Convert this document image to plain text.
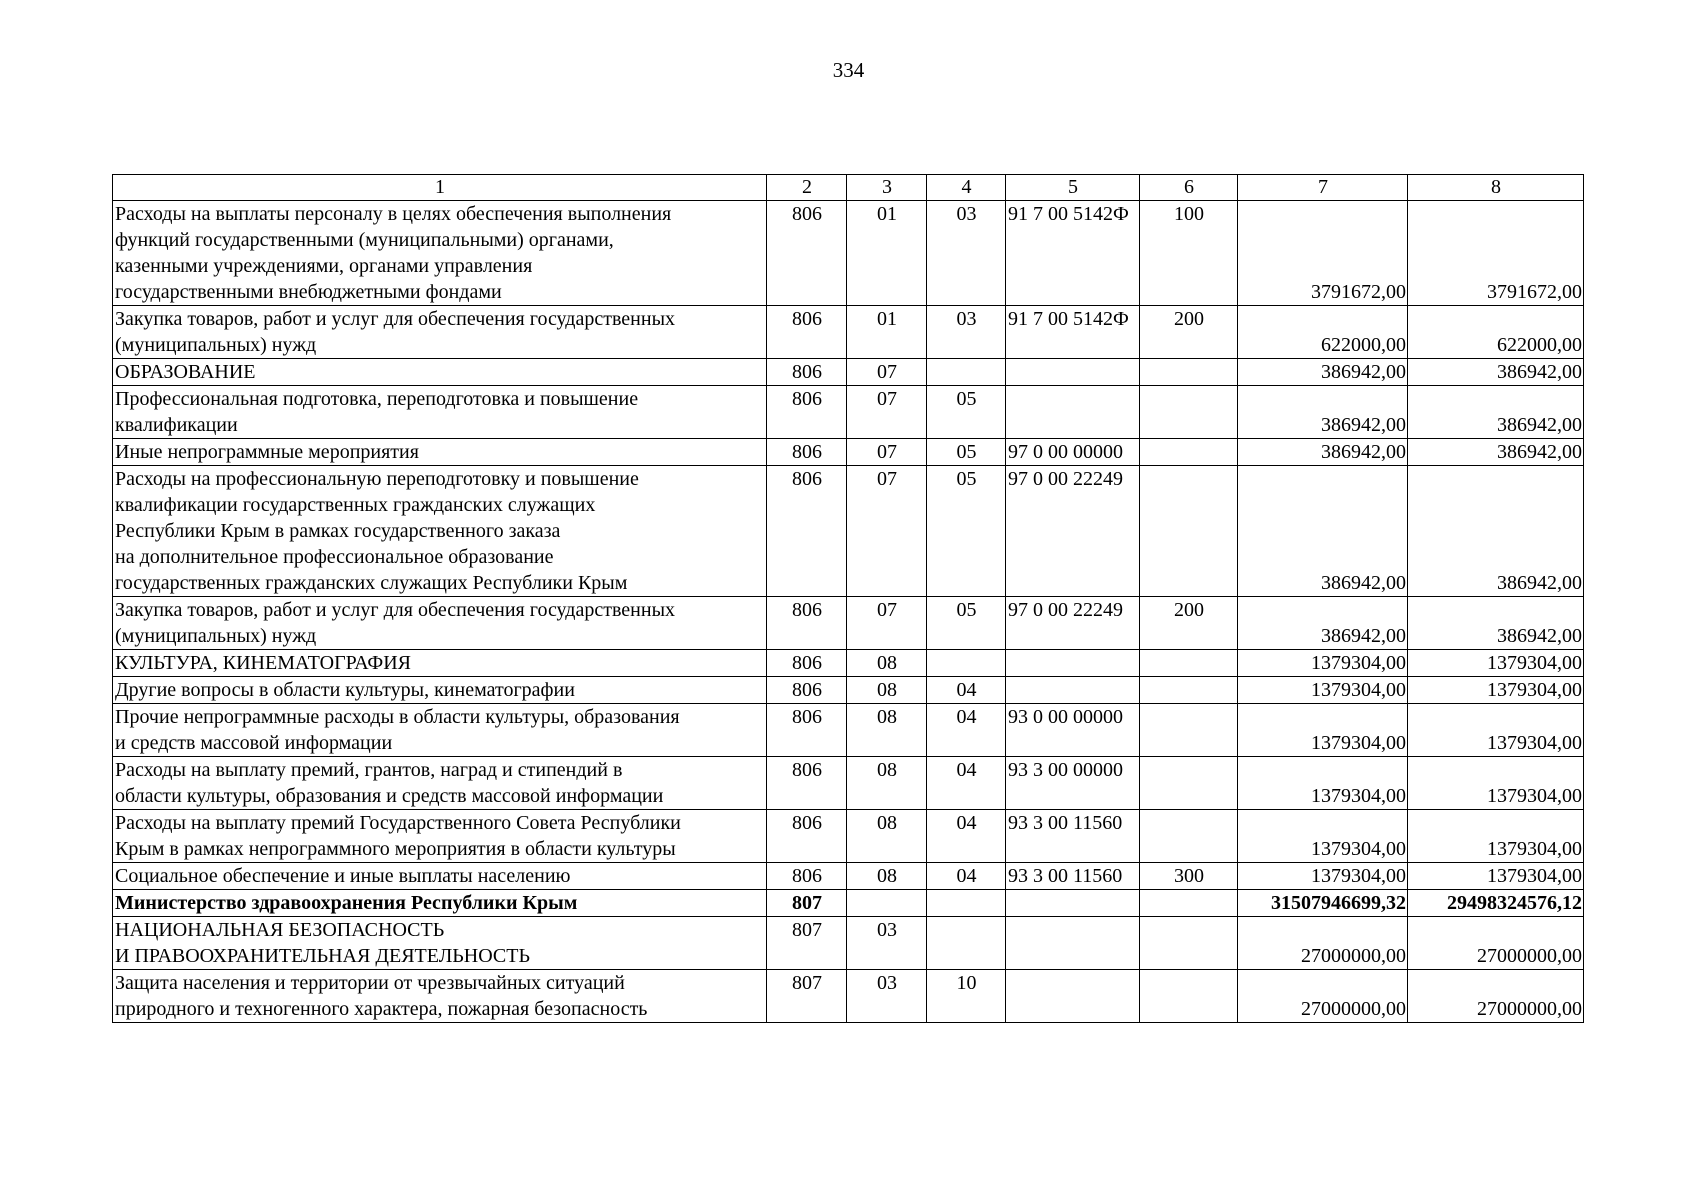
334
1	2	3	4	5	6	7	8

Расходы на выплаты персоналу в целях обеспечения выполнения
функций государственными (муниципальными) органами,
казенными учреждениями, органами управления
государственными внебюджетными фондами	806	01	03	91 7 00 5142Ф	100	3791672,00	3791672,00

Закупка товаров, работ и услуг для обеспечения государственных
(муниципальных) нужд	806	01	03	91 7 00 5142Ф	200	622000,00	622000,00

ОБРАЗОВАНИЕ	806	07				386942,00	386942,00

Профессиональная подготовка, переподготовка и повышение
квалификации	806	07	05			386942,00	386942,00

Иные непрограммные мероприятия	806	07	05	97 0 00 00000		386942,00	386942,00

Расходы на профессиональную переподготовку и повышение
квалификации государственных гражданских служащих
Республики Крым в рамках государственного заказа
на дополнительное профессиональное образование
государственных гражданских служащих Республики Крым	806	07	05	97 0 00 22249		386942,00	386942,00

Закупка товаров, работ и услуг для обеспечения государственных
(муниципальных) нужд	806	07	05	97 0 00 22249	200	386942,00	386942,00

КУЛЬТУРА, КИНЕМАТОГРАФИЯ	806	08				1379304,00	1379304,00

Другие вопросы в области культуры, кинематографии	806	08	04			1379304,00	1379304,00

Прочие непрограммные расходы в области культуры, образования
и средств массовой информации	806	08	04	93 0 00 00000		1379304,00	1379304,00

Расходы на выплату премий, грантов, наград и стипендий в
области культуры, образования и средств массовой информации	806	08	04	93 3 00 00000		1379304,00	1379304,00

Расходы на выплату премий Государственного Совета Республики
Крым в рамках непрограммного мероприятия в области культуры	806	08	04	93 3 00 11560		1379304,00	1379304,00

Социальное обеспечение и иные выплаты населению	806	08	04	93 3 00 11560	300	1379304,00	1379304,00

Министерство здравоохранения Республики Крым	807					31507946699,32	29498324576,12

НАЦИОНАЛЬНАЯ БЕЗОПАСНОСТЬ
И ПРАВООХРАНИТЕЛЬНАЯ ДЕЯТЕЛЬНОСТЬ	807	03				27000000,00	27000000,00

Защита населения и территории от чрезвычайных ситуаций
природного и техногенного характера, пожарная безопасность	807	03	10			27000000,00	27000000,00
